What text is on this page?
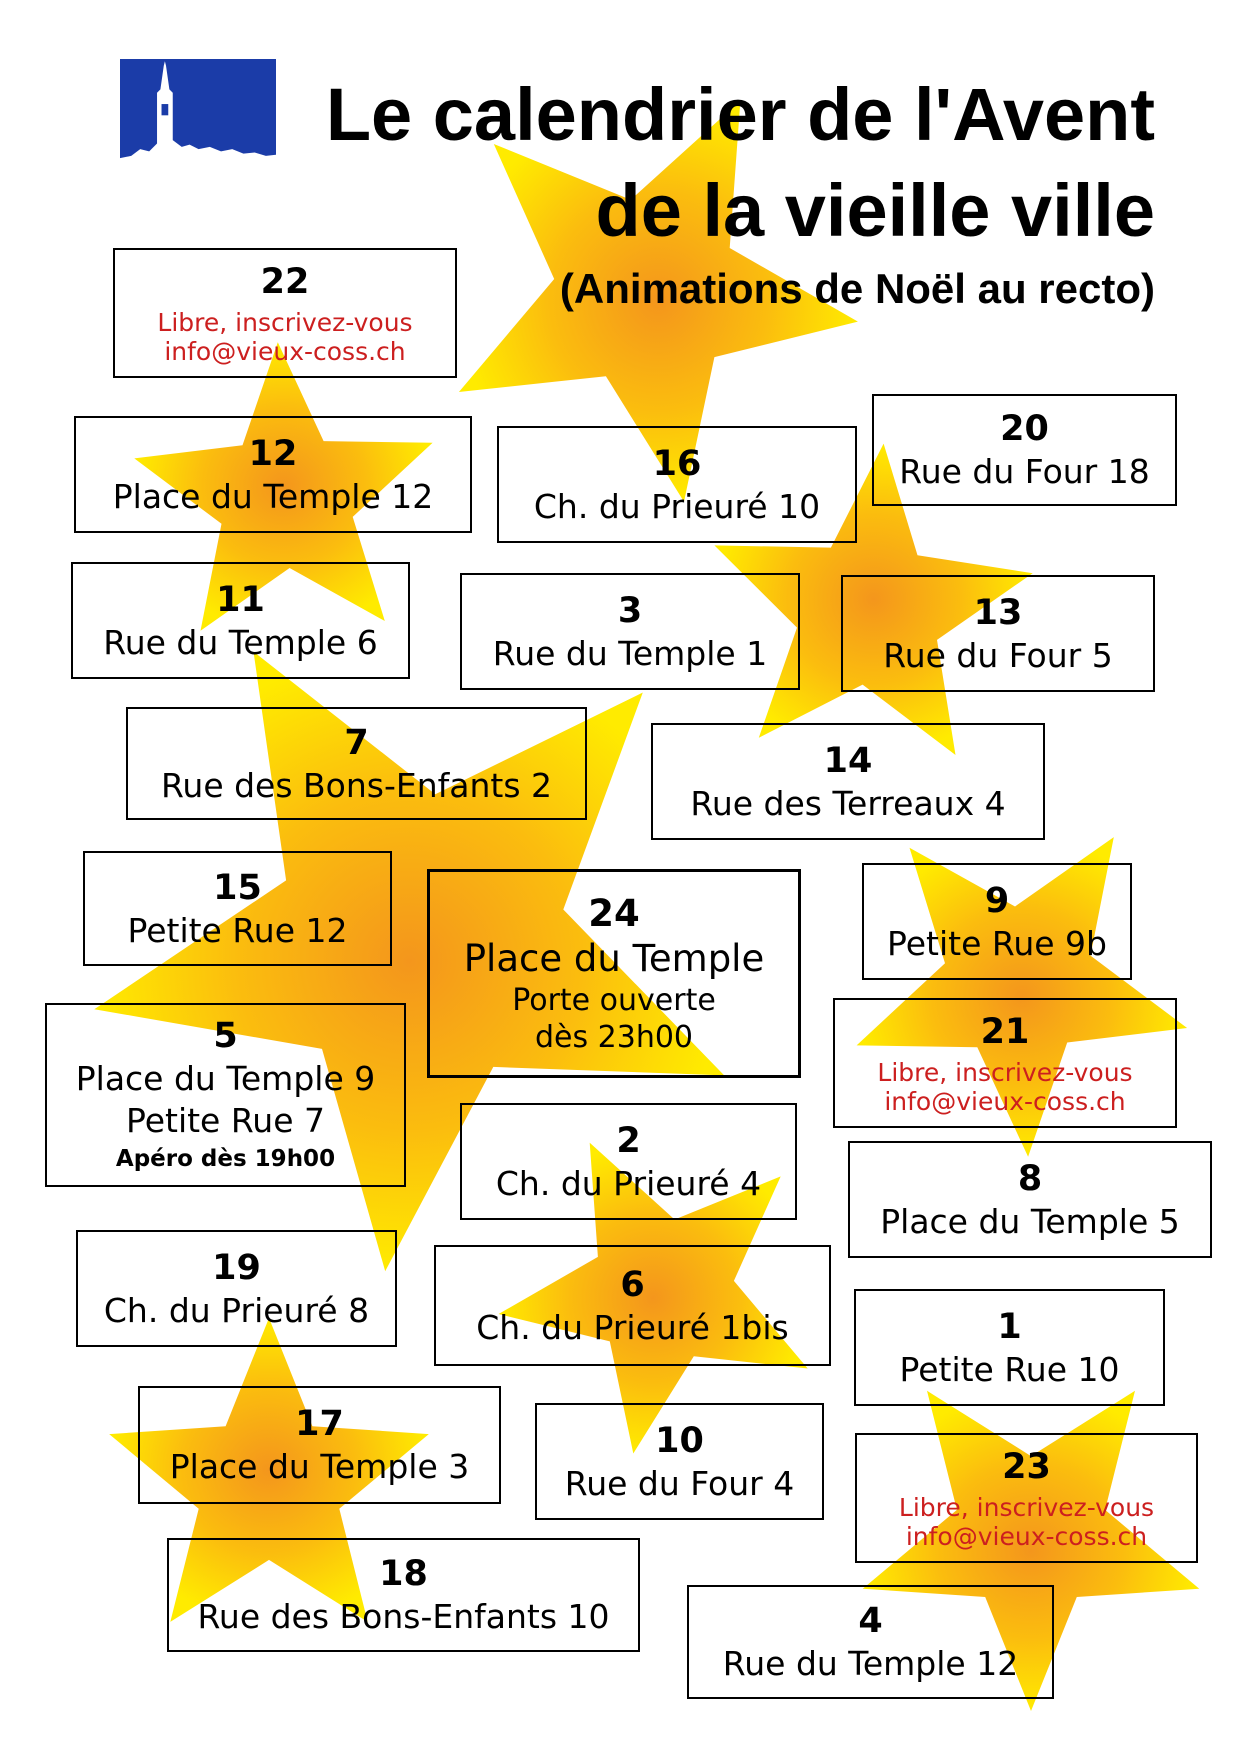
Le calendrier de l'Avent
de la vieille ville
(Animations de Noël au recto)
22
Libre, inscrivez-vous
info@vieux-coss.ch
12
Place du Temple 12
16
Ch. du Prieuré 10
20
Rue du Four 18
11
Rue du Temple 6
3
Rue du Temple 1
13
Rue du Four 5
7
Rue des Bons-Enfants 2
14
Rue des Terreaux 4
15
Petite Rue 12	24
Place du Temple
Porte ouverte
dès 23h00
9
Petite Rue 9b
5
Place du Temple 9
Petite Rue 7
Apéro dès 19h00
21
Libre, inscrivez-vous
info@vieux-coss.ch
2
Ch. du Prieuré 4	8
Place du Temple 5
19
Ch. du Prieuré 8
6
Ch. du Prieuré 1bis	1
Petite Rue 10
17
Place du Temple 3
10
Rue du Four 4	23
Libre, inscrivez-vous
info@vieux-coss.ch
18
Rue des Bons-Enfants 10	4
Rue du Temple 12
